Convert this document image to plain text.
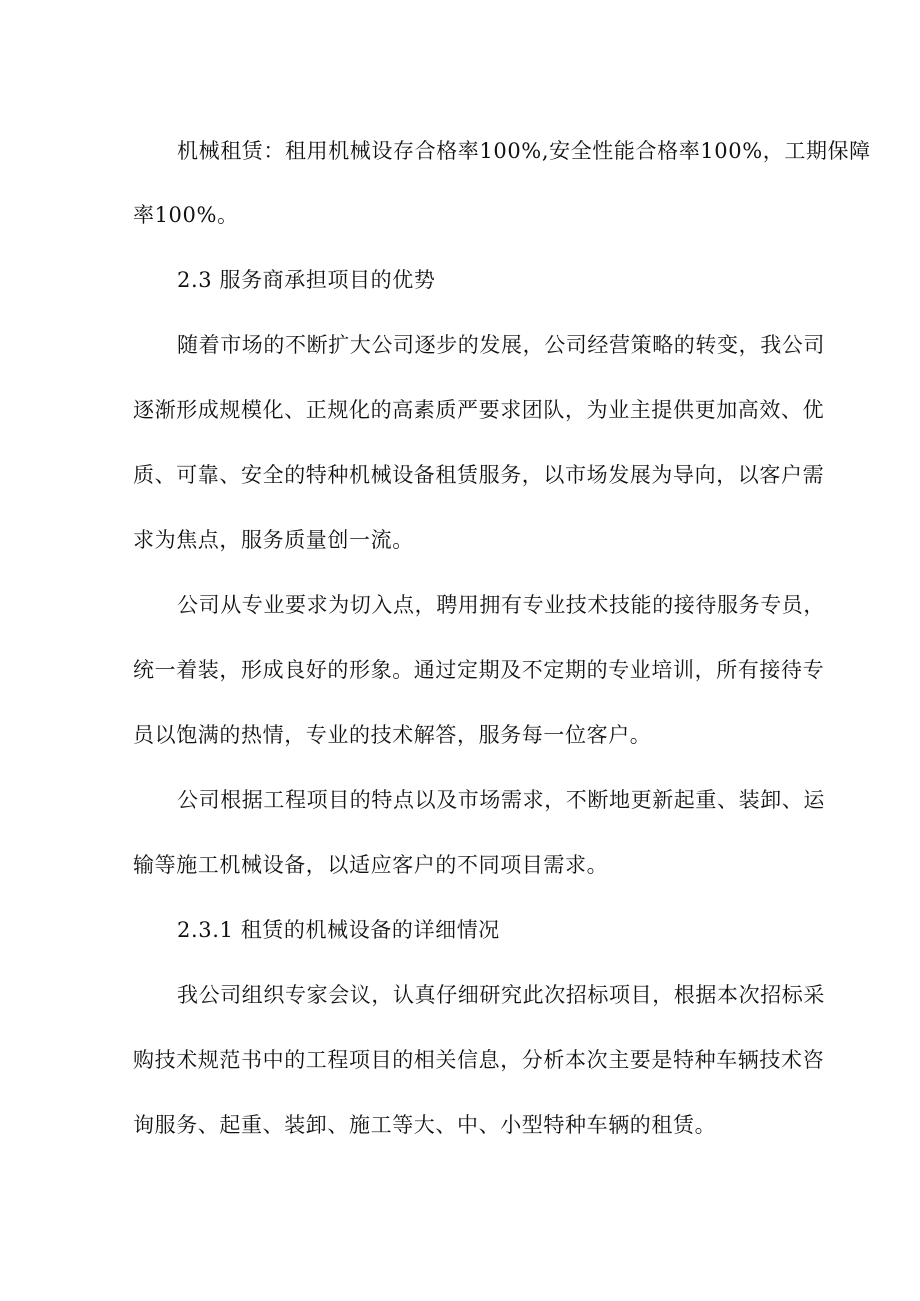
机械租赁：租用机械设存合格率100%,安全性能合格率100%，工期保障
率100%。
2.3 服务商承担项目的优势
随着市场的不断扩大公司逐步的发展，公司经营策略的转变，我公司
逐渐形成规模化、正规化的高素质严要求团队，为业主提供更加高效、优
质、可靠、安全的特种机械设备租赁服务，以市场发展为导向，以客户需
求为焦点，服务质量创一流。
公司从专业要求为切入点，聘用拥有专业技术技能的接待服务专员，
统一着装，形成良好的形象。通过定期及不定期的专业培训，所有接待专
员以饱满的热情，专业的技术解答，服务每一位客户。
公司根据工程项目的特点以及市场需求，不断地更新起重、装卸、运
输等施工机械设备，以适应客户的不同项目需求。
2.3.1 租赁的机械设备的详细情况
我公司组织专家会议，认真仔细研究此次招标项目，根据本次招标采
购技术规范书中的工程项目的相关信息，分析本次主要是特种车辆技术咨
询服务、起重、装卸、施工等大、中、小型特种车辆的租赁。
